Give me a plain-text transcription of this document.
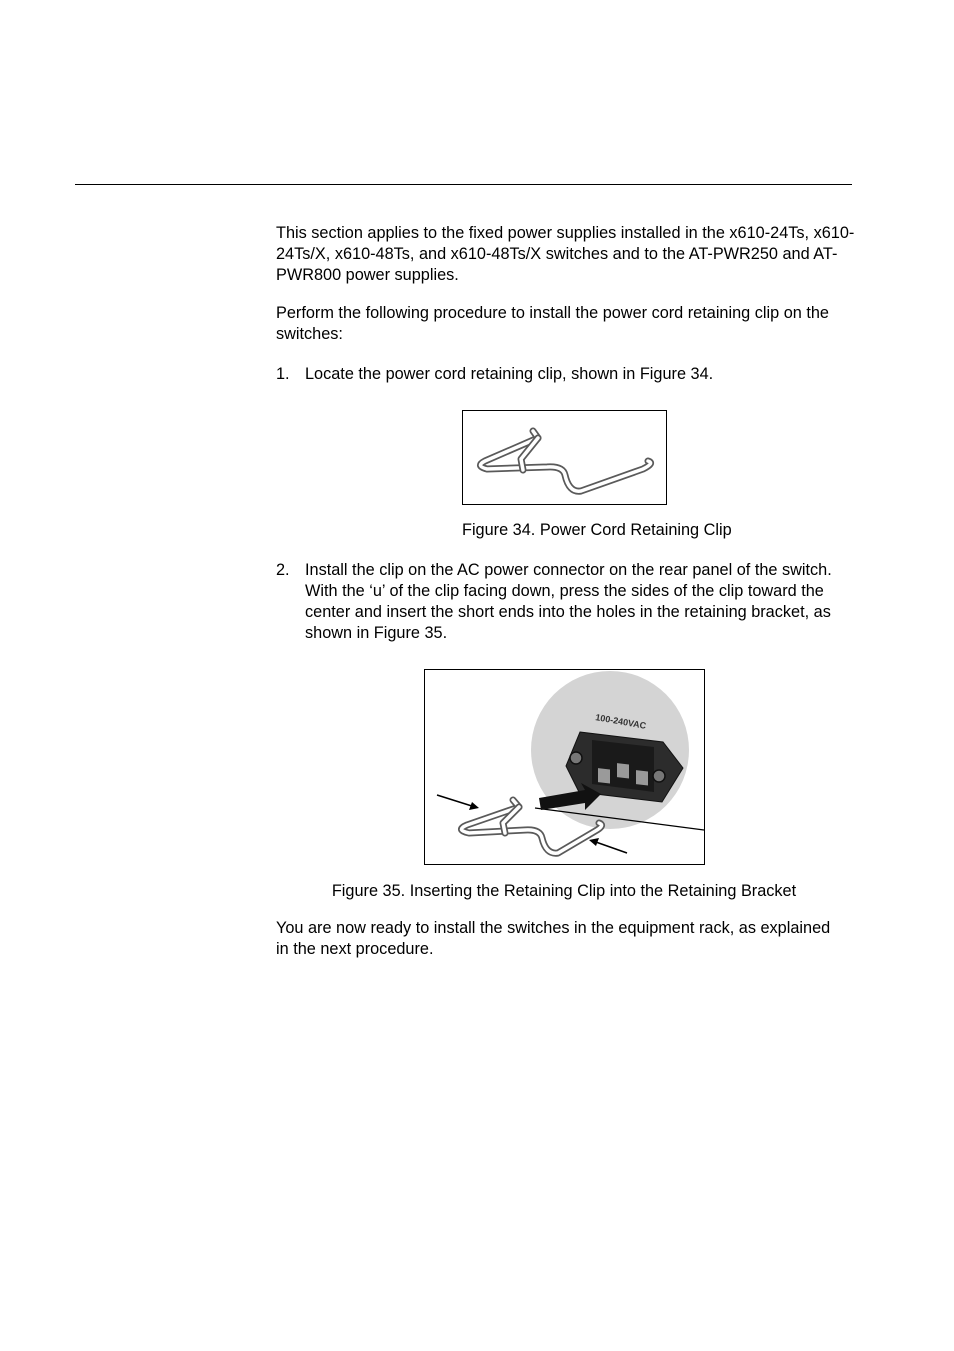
This section applies to the fixed power supplies installed in the x610-24Ts, x610-24Ts/X, x610-48Ts, and x610-48Ts/X switches and to the AT-PWR250 and AT-PWR800 power supplies.

Perform the following procedure to install the power cord retaining clip on the switches:

1. Locate the power cord retaining clip, shown in Figure 34.
Figure 34. Power Cord Retaining Clip
2. Install the clip on the AC power connector on the rear panel of the switch. With the ‘u’ of the clip facing down, press the sides of the clip toward the center and insert the short ends into the holes in the retaining bracket, as shown in Figure 35.
100-240VAC
Figure 35. Inserting the Retaining Clip into the Retaining Bracket

You are now ready to install the switches in the equipment rack, as explained in the next procedure.
